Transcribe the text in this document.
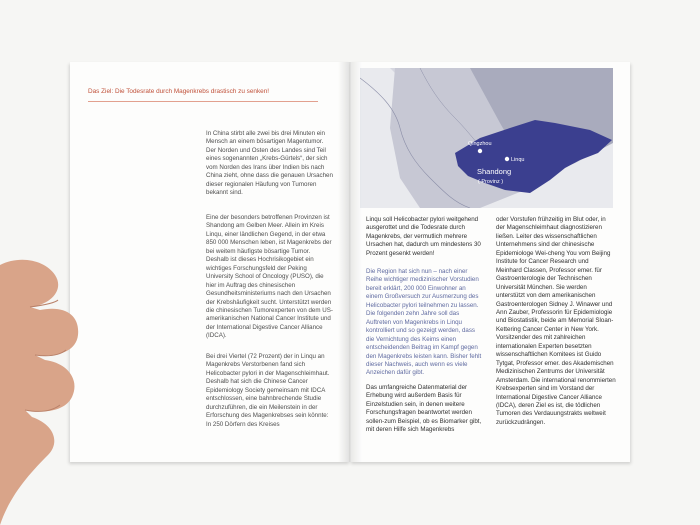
Das Ziel: Die Todesrate durch Magenkrebs drastisch zu senken!

In China stirbt alle zwei bis drei Minuten ein Mensch an einem bösartigen Magentumor. Der Norden und Osten des Landes sind Teil eines sogenannten „Krebs-Gürtels“, der sich vom Norden des Irans über Indien bis nach China zieht, ohne dass die genauen Ursachen dieser regionalen Häufung von Tumoren bekannt sind.

Eine der besonders betroffenen Provinzen ist Shandong am Gelben Meer. Allein im Kreis Linqu, einer ländlichen Gegend, in der etwa 850 000 Menschen leben, ist Magenkrebs der bei weitem häufigste bösartige Tumor. Deshalb ist dieses Hochrisikogebiet ein wichtiges Forschungsfeld der Peking University School of Oncology (PUSO), die hier im Auftrag des chinesischen Gesundheitsministeriums nach den Ursachen der Krebshäufigkeit sucht. Unterstützt werden die chinesischen Tumorexperten von dem US-amerikanischen National Cancer Institute und der International Digestive Cancer Alliance (IDCA).

Bei drei Viertel (72 Prozent) der in Linqu an Magenkrebs Verstorbenen fand sich Helicobacter pylori in der Magenschleimhaut. Deshalb hat sich die Chinese Cancer Epidemiology Society gemeinsam mit IDCA entschlossen, eine bahnbrechende Studie durchzuführen, die ein Meilenstein in der Erforschung des Magenkrebses sein könnte: In 250 Dörfern des Kreises

Qingzhou
Linqu
Shandong
( Provinz )

Linqu soll Helicobacter pylori weitgehend ausgerottet und die Todesrate durch Magenkrebs, der vermutlich mehrere Ursachen hat, dadurch um mindestens 30 Prozent gesenkt werden!

Die Region hat sich nun – nach einer Reihe wichtiger medizinischer Vorstudien bereit erklärt, 200 000 Einwohner an einem Großversuch zur Ausmerzung des Helicobacter pylori teilnehmen zu lassen. Die folgenden zehn Jahre soll das Auftreten von Magenkrebs in Linqu kontrolliert und so gezeigt werden, dass die Vernichtung des Keims einen entscheidenden Beitrag im Kampf gegen den Magenkrebs leisten kann. Bisher fehlt dieser Nachweis, auch wenn es viele Anzeichen dafür gibt.

Das umfangreiche Datenmaterial der Erhebung wird außerdem Basis für Einzelstudien sein, in denen weitere Forschungsfragen beantwortet werden sollen-zum Beispiel, ob es Biomarker gibt, mit deren Hilfe sich Magenkrebs

oder Vorstufen frühzeitig im Blut oder, in der Magenschleimhaut diagnostizieren ließen. Leiter des wissenschaftlichen Unternehmens sind der chinesische Epidemiologe Wei-cheng You vom Beijing Institute for Cancer Research und Meinhard Classen, Professor emer. für Gastroenterologie der Technischen Universität München. Sie werden unterstützt von dem amerikanischen Gastroenterologen Sidney J. Winawer und Ann Zauber, Professorin für Epidemiologie und Biostatistik, beide am Memorial Sloan-Kettering Cancer Center in New York. Vorsitzender des mit zahlreichen internationalen Experten besetzten wissenschaftlichen Komitees ist Guido Tytgat, Professor emer. des Akademischen Medizinischen Zentrums der Universität Amsterdam. Die international renommierten Krebsexperten sind im Vorstand der International Digestive Cancer Alliance (IDCA), deren Ziel es ist, die tödlichen Tumoren des Verdauungstrakts weltweit zurückzudrängen.
